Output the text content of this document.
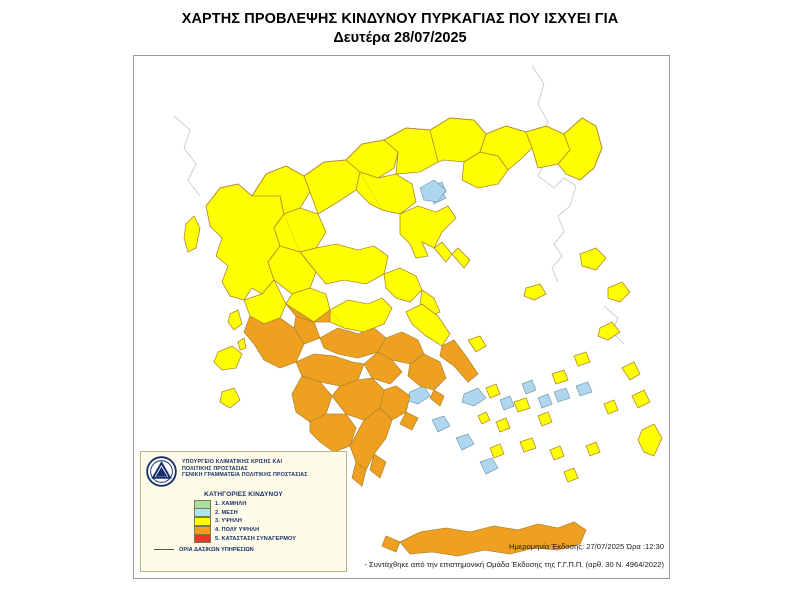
ΧΑΡΤΗΣ ΠΡΟΒΛΕΨΗΣ ΚΙΝΔΥΝΟΥ ΠΥΡΚΑΓΙΑΣ ΠΟΥ ΙΣΧΥΕΙ ΓΙΑ
Δευτέρα 28/07/2025
ΥΠΟΥΡΓΕΙΟ ΚΛΙΜΑΤΙΚΗΣ ΚΡΙΣΗΣ ΚΑΙ
ΠΟΛΙΤΙΚΗΣ ΠΡΟΣΤΑΣΙΑΣ
ΓΕΝΙΚΗ ΓΡΑΜΜΑΤΕΙΑ ΠΟΛΙΤΙΚΗΣ ΠΡΟΣΤΑΣΙΑΣ
ΚΑΤΗΓΟΡΙΕΣ ΚΙΝΔΥΝΟΥ
1. ΧΑΜΗΛΗ
2. ΜΕΣΗ
3. ΥΨΗΛΗ
4. ΠΟΛΥ ΥΨΗΛΗ
5. ΚΑΤΑΣΤΑΣΗ ΣΥΝΑΓΕΡΜΟΥ
ΟΡΙΑ ΔΑΣΙΚΩΝ ΥΠΗΡΕΣΙΩΝ	Ημερομηνία Έκδοσης: 27/07/2025 Ώρα :12:30
- Συντάχθηκε από την επιστημονική Ομάδα Έκδοσης της Γ.Γ.Π.Π. (αρθ. 30 Ν. 4964/2022)
